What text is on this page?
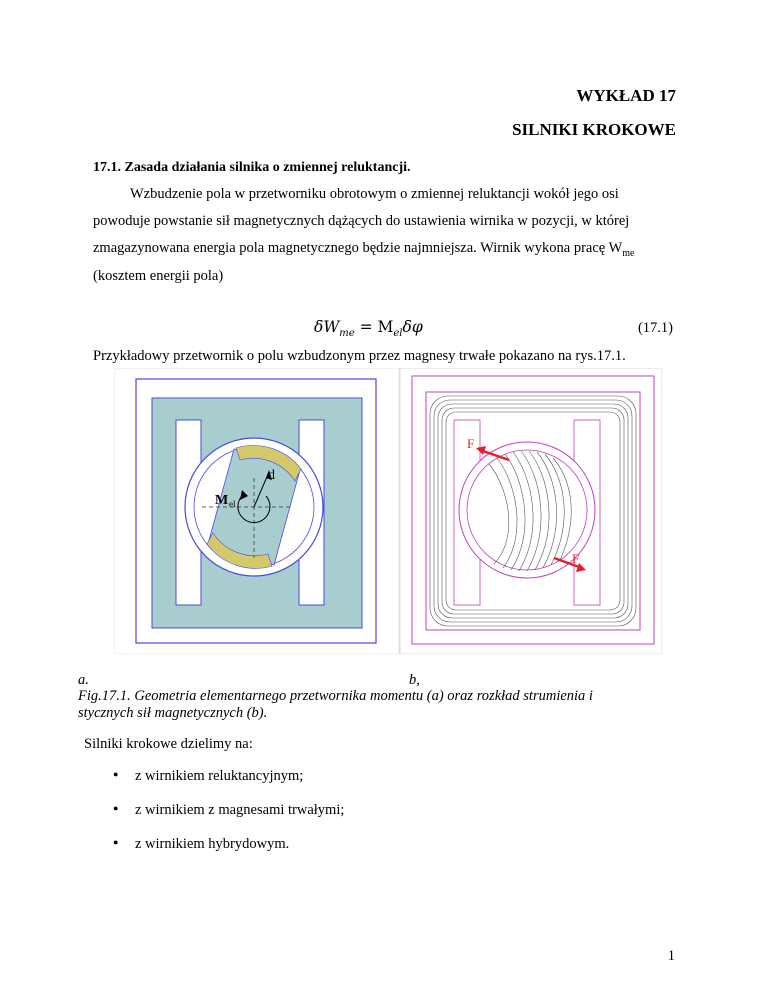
WYKŁAD 17
SILNIKI KROKOWE
17.1. Zasada działania silnika o zmiennej reluktancji.
Wzbudzenie pola w przetworniku obrotowym o zmiennej reluktancji wokół jego osi
powoduje powstanie sił magnetycznych dążących do ustawienia wirnika w pozycji, w której
zmagazynowana energia pola magnetycznego będzie najmniejsza. Wirnik wykona pracę $W_{me}$
(kosztem energii pola)
$\delta W_{me} = M_{el}\delta\varphi$	(17.1)
Przykładowy przetwornik o polu wzbudzonym przez magnesy trwałe pokazano na rys.17.1.
d
M el
F
F
a.	b,
Fig.17.1. Geometria elementarnego przetwornika momentu (a) oraz rozkład strumienia i
stycznych sił magnetycznych (b).
Silniki krokowe dzielimy na:
● z wirnikiem reluktancyjnym;
● z wirnikiem z magnesami trwałymi;
● z wirnikiem hybrydowym.
1
